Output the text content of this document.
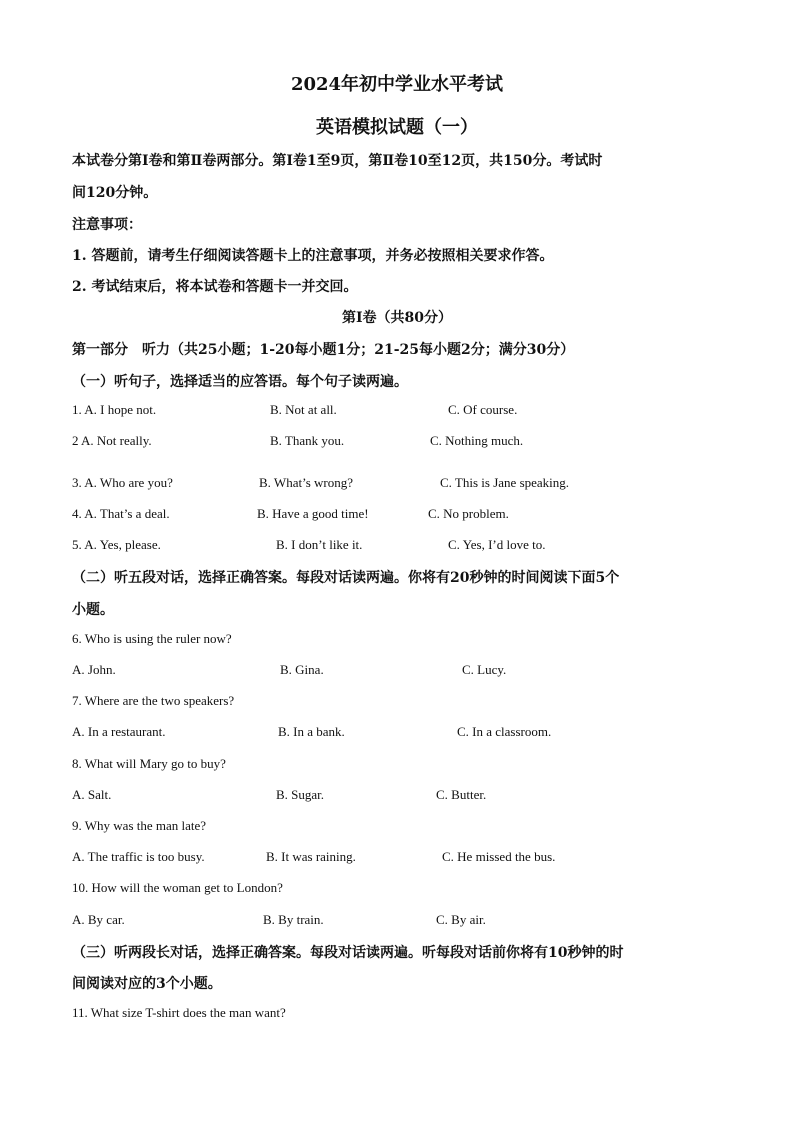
2024年初中学业水平考试
英语模拟试题（一）
本试卷分第Ⅰ卷和第Ⅱ卷两部分。第Ⅰ卷1至9页，第Ⅱ卷10至12页，共150分。考试时
间120分钟。
注意事项：
1. 答题前，请考生仔细阅读答题卡上的注意事项，并务必按照相关要求作答。
2. 考试结束后，将本试卷和答题卡一并交回。
第Ⅰ卷（共80分）
第一部分　听力（共25小题；1-20每小题1分；21-25每小题2分；满分30分）
（一）听句子，选择适当的应答语。每个句子读两遍。
1. A. I hope not.	B. Not at all.	C. Of course.
2 A. Not really.	B. Thank you.	C. Nothing much.
3. A. Who are you?	B. What’s wrong?	C. This is Jane speaking.
4. A. That’s a deal.	B. Have a good time!	C. No problem.
5. A. Yes, please.	B. I don’t like it.	C. Yes, I’d love to.
（二）听五段对话，选择正确答案。每段对话读两遍。你将有20秒钟的时间阅读下面5个
小题。
6. Who is using the ruler now?
A. John.	B. Gina.	C. Lucy.
7. Where are the two speakers?
A. In a restaurant.	B. In a bank.	C. In a classroom.
8. What will Mary go to buy?
A. Salt.	B. Sugar.	C. Butter.
9. Why was the man late?
A. The traffic is too busy.	B. It was raining.	C. He missed the bus.
10. How will the woman get to London?
A. By car.	B. By train.	C. By air.
（三）听两段长对话，选择正确答案。每段对话读两遍。听每段对话前你将有10秒钟的时
间阅读对应的3个小题。
11. What size T-shirt does the man want?
